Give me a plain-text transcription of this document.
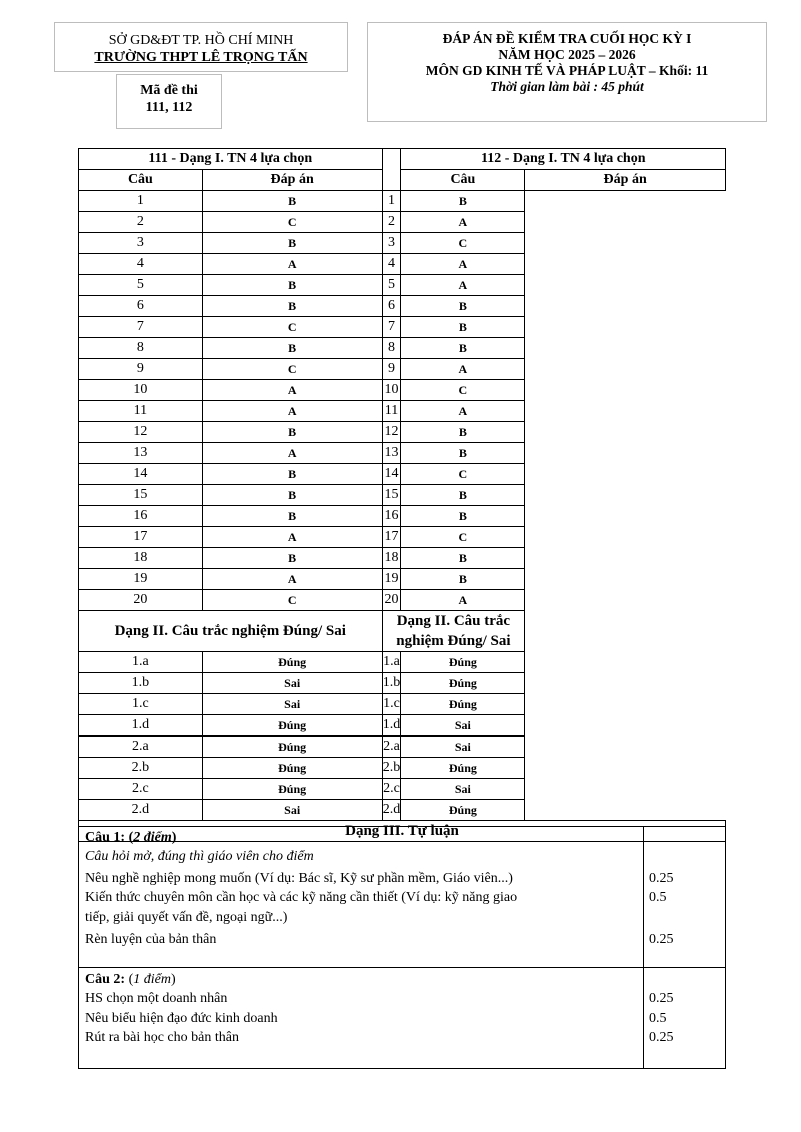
SỞ GD&ĐT TP. HỒ CHÍ MINH
TRƯỜNG THPT LÊ TRỌNG TẤN
Mã đề thi
111, 112
ĐÁP ÁN ĐỀ KIỂM TRA CUỐI HỌC KỲ I
NĂM HỌC 2025 – 2026
MÔN GD KINH TẾ VÀ PHÁP LUẬT – Khối: 11
Thời gian làm bài : 45 phút
111 - Dạng I. TN 4 lựa chọn			112 - Dạng I. TN 4 lựa chọn	
Câu	Đáp án		Câu	Đáp án
1	B	1	B	
2	C	2	A	
3	B	3	C	
4	A	4	A	
5	B	5	A	
6	B	6	B	
7	C	7	B	
8	B	8	B	
9	C	9	A	
10	A	10	C	
11	A	11	A	
12	B	12	B	
13	A	13	B	
14	B	14	C	
15	B	15	B	
16	B	16	B	
17	A	17	C	
18	B	18	B	
19	A	19	B	
20	C	20	A	
Dạng II. Câu trắc nghiệm Đúng/ Sai		Dạng II. Câu trắc nghiệm Đúng/ Sai		
1.a	Đúng	1.a	Đúng	
1.b	Sai	1.b	Đúng	
1.c	Sai	1.c	Đúng	
1.d	Đúng	1.d	Sai	
2.a	Đúng	2.a	Sai	
2.b	Đúng	2.b	Đúng	
2.c	Đúng	2.c	Sai	
2.d	Sai	2.d	Đúng	
Dạng III. Tự luận				
Câu 1: (2 điểm)
Câu hỏi mở, đúng thì giáo viên cho điểm
Nêu nghề nghiệp mong muốn (Ví dụ: Bác sĩ, Kỹ sư phần mềm, Giáo viên...)	0.25
Kiến thức chuyên môn cần học và các kỹ năng cần thiết (Ví dụ: kỹ năng giao	0.5
tiếp, giải quyết vấn đề, ngoại ngữ...)
Rèn luyện của bản thân	0.25
Câu 2: (1 điểm)
HS chọn một doanh nhân	0.25
Nêu biểu hiện đạo đức kinh doanh	0.5
Rút ra bài học cho bản thân	0.25
